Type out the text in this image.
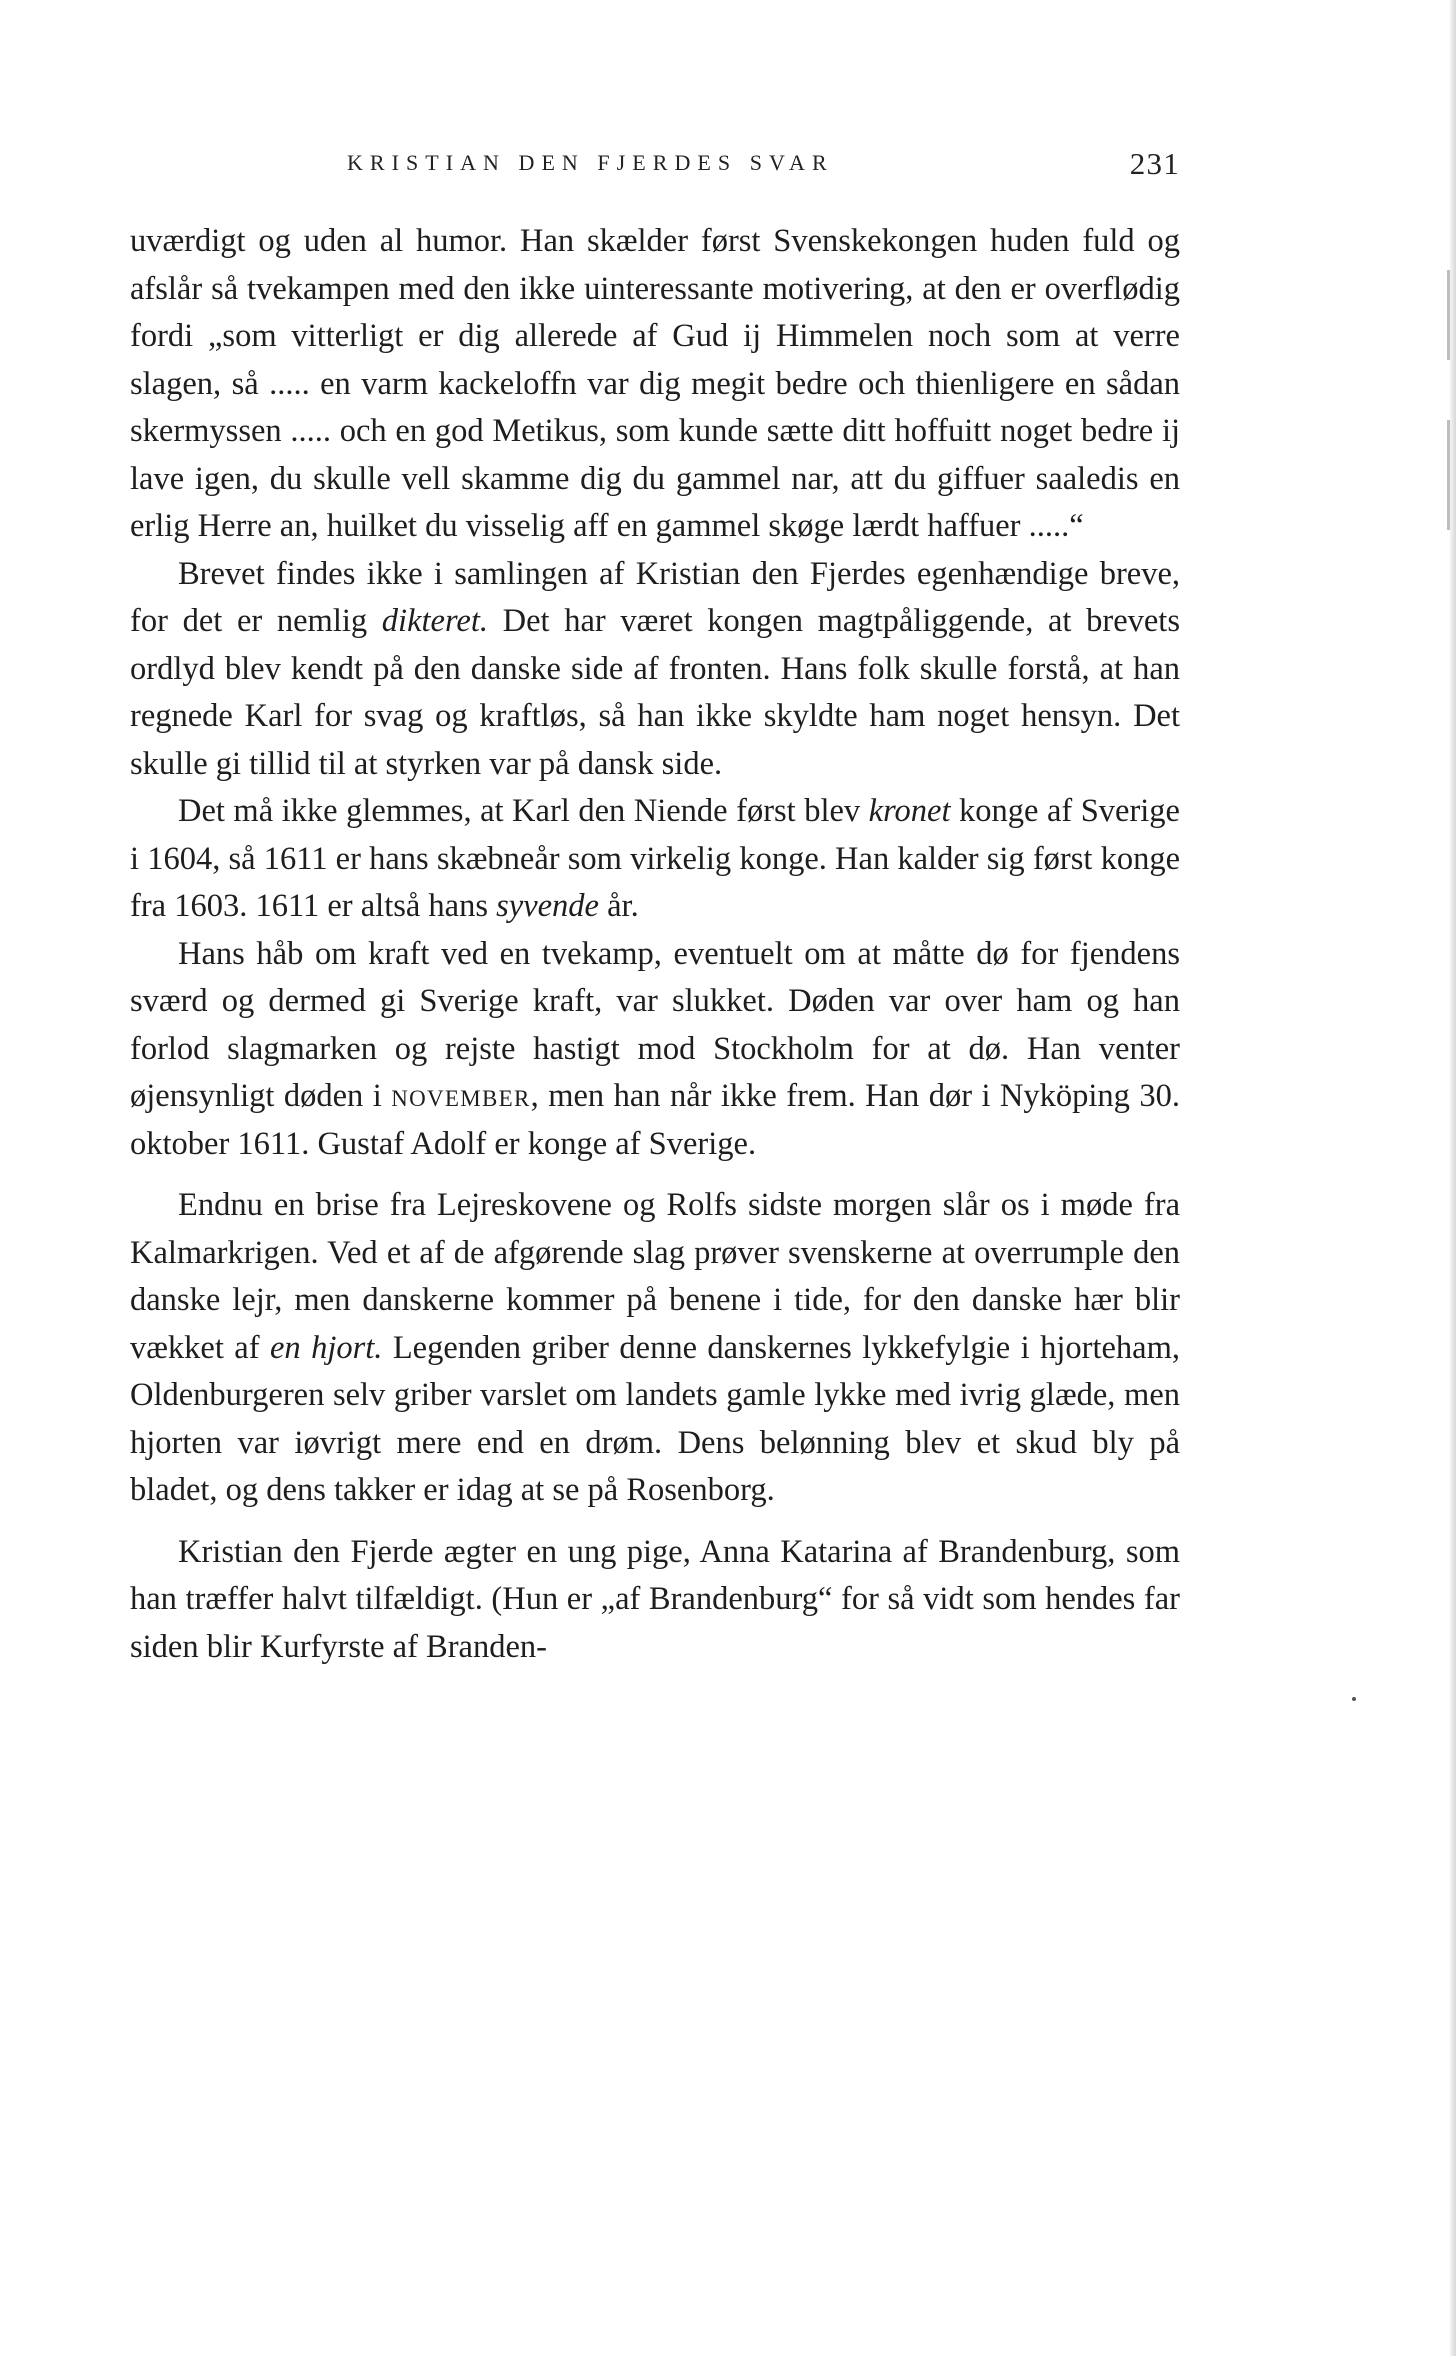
KRISTIAN DEN FJERDES SVAR	231

uværdigt og uden al humor. Han skælder først Svenskekongen huden fuld og afslår så tvekampen med den ikke uinteressante motivering, at den er overflødig fordi „som vitterligt er dig allerede af Gud ij Himmelen noch som at verre slagen, så ..... en varm kackeloffn var dig megit bedre och thienligere en sådan skermyssen ..... och en god Metikus, som kunde sætte ditt hoffuitt noget bedre ij lave igen, du skulle vell skamme dig du gammel nar, att du giffuer saaledis en erlig Herre an, huilket du visselig aff en gammel skøge lærdt haffuer .....“

Brevet findes ikke i samlingen af Kristian den Fjerdes egenhændige breve, for det er nemlig dikteret. Det har været kongen magtpåliggende, at brevets ordlyd blev kendt på den danske side af fronten. Hans folk skulle forstå, at han regnede Karl for svag og kraftløs, så han ikke skyldte ham noget hensyn. Det skulle gi tillid til at styrken var på dansk side.

Det må ikke glemmes, at Karl den Niende først blev kronet konge af Sverige i 1604, så 1611 er hans skæbneår som virkelig konge. Han kalder sig først konge fra 1603. 1611 er altså hans syvende år.

Hans håb om kraft ved en tvekamp, eventuelt om at måtte dø for fjendens sværd og dermed gi Sverige kraft, var slukket. Døden var over ham og han forlod slagmarken og rejste hastigt mod Stockholm for at dø. Han venter øjensynligt døden i november, men han når ikke frem. Han dør i Nyköping 30. oktober 1611. Gustaf Adolf er konge af Sverige.

Endnu en brise fra Lejreskovene og Rolfs sidste morgen slår os i møde fra Kalmarkrigen. Ved et af de afgørende slag prøver svenskerne at overrumple den danske lejr, men danskerne kommer på benene i tide, for den danske hær blir vækket af en hjort. Legenden griber denne danskernes lykkefylgie i hjorteham, Oldenburgeren selv griber varslet om landets gamle lykke med ivrig glæde, men hjorten var iøvrigt mere end en drøm. Dens belønning blev et skud bly på bladet, og dens takker er idag at se på Rosenborg.

Kristian den Fjerde ægter en ung pige, Anna Katarina af Brandenburg, som han træffer halvt tilfældigt. (Hun er „af Brandenburg“ for så vidt som hendes far siden blir Kurfyrste af Branden-
